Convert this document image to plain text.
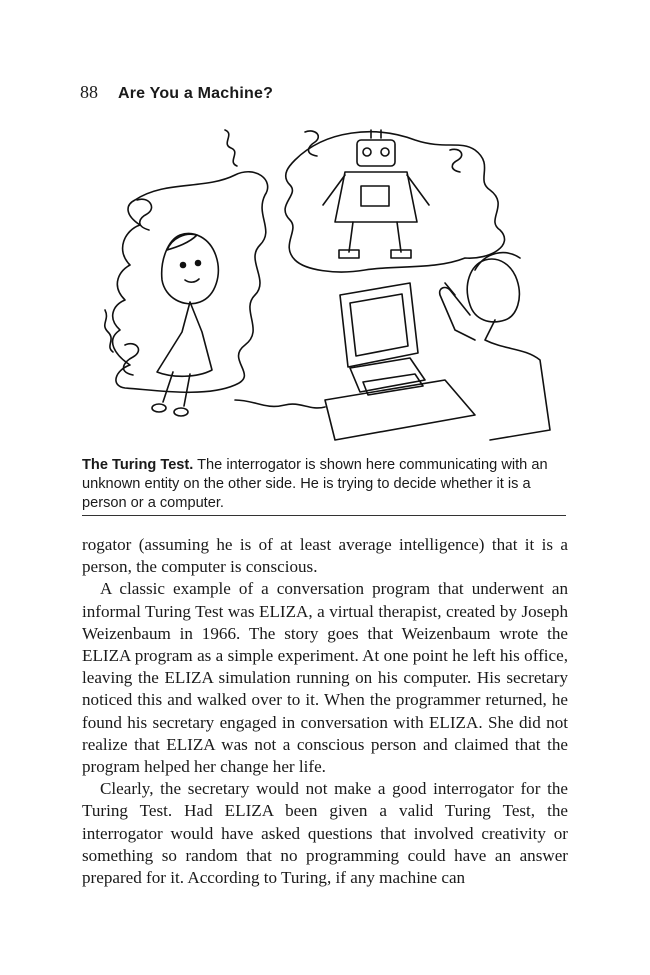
88 Are You a Machine?
The Turing Test. The interrogator is shown here communicating with an unknown entity on the other side. He is trying to decide whether it is a person or a computer.

rogator (assuming he is of at least average intelligence) that it is a person, the computer is conscious.

A classic example of a conversation program that underwent an informal Turing Test was ELIZA, a virtual therapist, created by Joseph Weizenbaum in 1966. The story goes that Weizenbaum wrote the ELIZA program as a simple experiment. At one point he left his office, leaving the ELIZA simulation running on his computer. His secretary noticed this and walked over to it. When the programmer returned, he found his secretary engaged in conversation with ELIZA. She did not realize that ELIZA was not a conscious person and claimed that the program helped her change her life.

Clearly, the secretary would not make a good interrogator for the Turing Test. Had ELIZA been given a valid Turing Test, the interrogator would have asked questions that involved creativity or something so random that no programming could have an answer prepared for it. According to Turing, if any machine can
